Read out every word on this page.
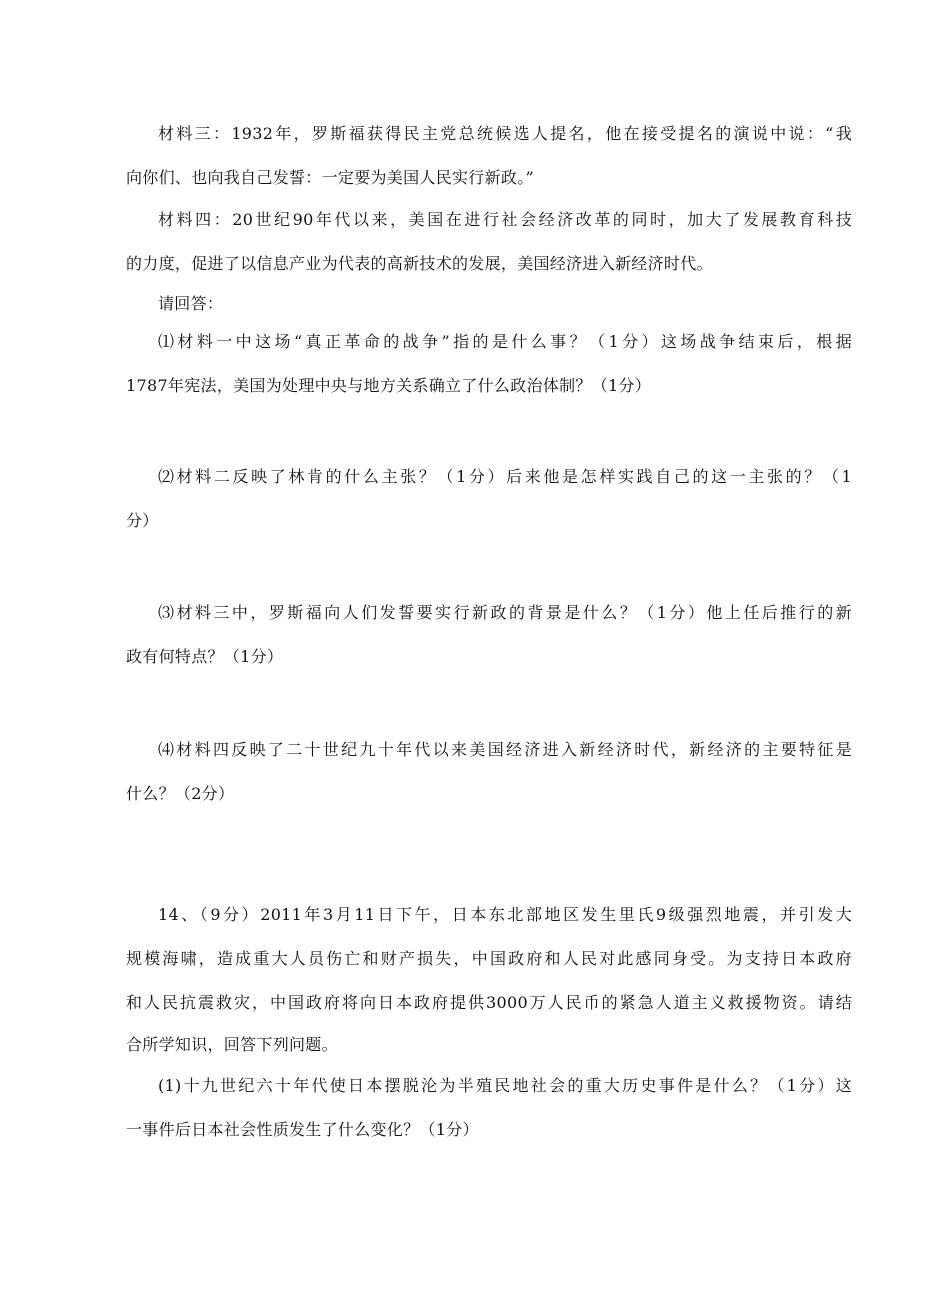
材料三：1932年，罗斯福获得民主党总统候选人提名，他在接受提名的演说中说：“我
向你们、也向我自己发誓：一定要为美国人民实行新政。”
材料四：20世纪90年代以来，美国在进行社会经济改革的同时，加大了发展教育科技
的力度，促进了以信息产业为代表的高新技术的发展，美国经济进入新经济时代。
请回答：
⑴材料一中这场“真正革命的战争”指的是什么事？（1分）这场战争结束后，根据
1787年宪法，美国为处理中央与地方关系确立了什么政治体制？（1分）
⑵材料二反映了林肯的什么主张？（1分）后来他是怎样实践自己的这一主张的？（1
分）
⑶材料三中，罗斯福向人们发誓要实行新政的背景是什么？（1分）他上任后推行的新
政有何特点？（1分）
⑷材料四反映了二十世纪九十年代以来美国经济进入新经济时代，新经济的主要特征是
什么？（2分）
14、（9分）2011年3月11日下午，日本东北部地区发生里氏9级强烈地震，并引发大
规模海啸，造成重大人员伤亡和财产损失，中国政府和人民对此感同身受。为支持日本政府
和人民抗震救灾，中国政府将向日本政府提供3000万人民币的紧急人道主义救援物资。请结
合所学知识，回答下列问题。
(1)十九世纪六十年代使日本摆脱沦为半殖民地社会的重大历史事件是什么？（1分）这
一事件后日本社会性质发生了什么变化？（1分）
